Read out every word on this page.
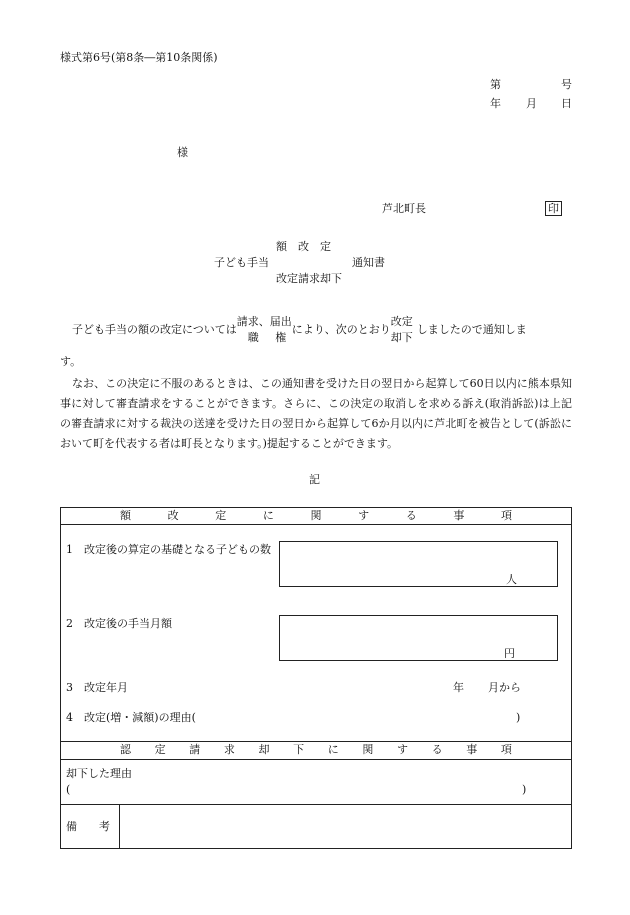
様式第6号(第8条―第10条関係)
第	号
年 月 日
様
芦北町長	印
額　改　定
子ども手当	通知書
改定請求却下
子ども手当の額の改定については
請求、
職
届出
権
により、次のとおり
改定
却下
しましたので通知しま
す。
なお、この決定に不服のあるときは、この通知書を受けた日の翌日から起算して60日以内に熊本県知事に対して審査請求をすることができます。さらに、この決定の取消しを求める訴え(取消訴訟)は上記の審査請求に対する裁決の送達を受けた日の翌日から起算して6か月以内に芦北町を被告として(訴訟において町を代表する者は町長となります。)提起することができます。
記
額	改	定	に	関	す	る	事	項
1　改定後の算定の基礎となる子どもの数
人
2　改定後の手当月額
円
3　改定年月	年 月から
4　改定(増・減額)の理由(	)
認 定 請 求 却 下 に 関 す る 事 項
却下した理由
(	)
備　　考
